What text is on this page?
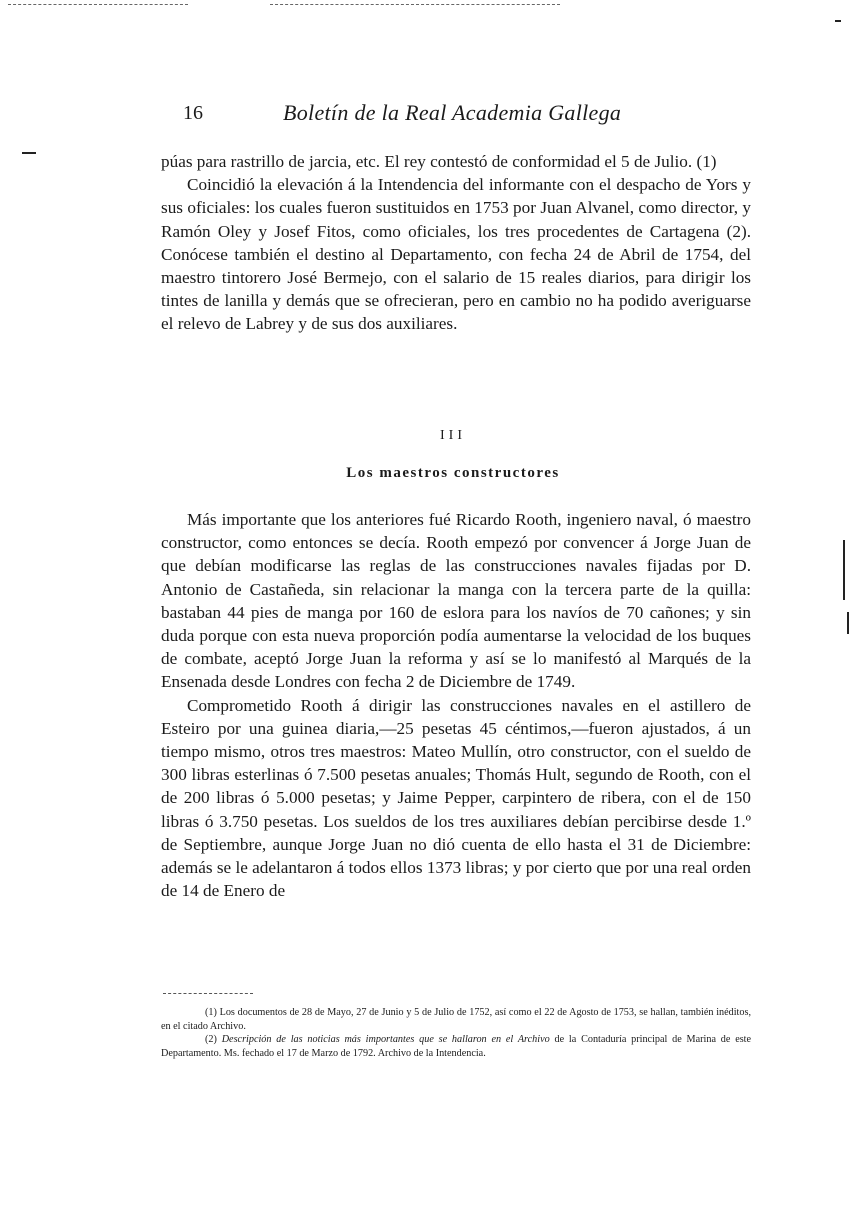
16	Boletín de la Real Academia Gallega

púas para rastrillo de jarcia, etc. El rey contestó de conformidad el 5 de Julio. (1)

Coincidió la elevación á la Intendencia del informante con el despacho de Yors y sus oficiales: los cuales fueron sustituidos en 1753 por Juan Alvanel, como director, y Ramón Oley y Josef Fitos, como oficiales, los tres procedentes de Cartagena (2). Conócese también el destino al Departamento, con fecha 24 de Abril de 1754, del maestro tintorero José Bermejo, con el salario de 15 reales diarios, para dirigir los tintes de lanilla y demás que se ofrecieran, pero en cambio no ha podido averiguarse el relevo de Labrey y de sus dos auxiliares.

III
Los maestros constructores

Más importante que los anteriores fué Ricardo Rooth, ingeniero naval, ó maestro constructor, como entonces se decía. Rooth empezó por convencer á Jorge Juan de que debían modificarse las reglas de las construcciones navales fijadas por D. Antonio de Castañeda, sin relacionar la manga con la tercera parte de la quilla: bastaban 44 pies de manga por 160 de eslora para los navíos de 70 cañones; y sin duda porque con esta nueva proporción podía aumentarse la velocidad de los buques de combate, aceptó Jorge Juan la reforma y así se lo manifestó al Marqués de la Ensenada desde Londres con fecha 2 de Diciembre de 1749.

Comprometido Rooth á dirigir las construcciones navales en el astillero de Esteiro por una guinea diaria,—25 pesetas 45 céntimos,—fueron ajustados, á un tiempo mismo, otros tres maestros: Mateo Mullín, otro constructor, con el sueldo de 300 libras esterlinas ó 7.500 pesetas anuales; Thomás Hult, segundo de Rooth, con el de 200 libras ó 5.000 pesetas; y Jaime Pepper, carpintero de ribera, con el de 150 libras ó 3.750 pesetas. Los sueldos de los tres auxiliares debían percibirse desde 1.º de Septiembre, aunque Jorge Juan no dió cuenta de ello hasta el 31 de Diciembre: además se le adelantaron á todos ellos 1373 libras; y por cierto que por una real orden de 14 de Enero de

(1) Los documentos de 28 de Mayo, 27 de Junio y 5 de Julio de 1752, así como el 22 de Agosto de 1753, se hallan, también inéditos, en el citado Archivo.

(2) Descripción de las noticias más importantes que se hallaron en el Archivo de la Contaduría principal de Marina de este Departamento. Ms. fechado el 17 de Marzo de 1792. Archivo de la Intendencia.
